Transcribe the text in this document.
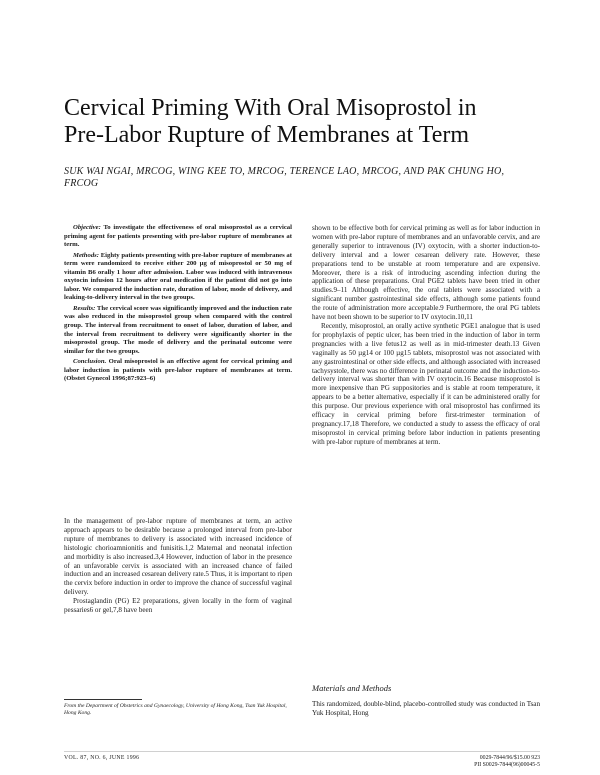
Cervical Priming With Oral Misoprostol in
Pre-Labor Rupture of Membranes at Term
SUK WAI NGAI, MRCOG, WING KEE TO, MRCOG, TERENCE LAO, MRCOG, AND PAK CHUNG HO, FRCOG

Objective: To investigate the effectiveness of oral misoprostol as a cervical priming agent for patients presenting with pre-labor rupture of membranes at term.

Methods: Eighty patients presenting with pre-labor rupture of membranes at term were randomized to receive either 200 µg of misoprostol or 50 mg of vitamin B6 orally 1 hour after admission. Labor was induced with intravenous oxytocin infusion 12 hours after oral medication if the patient did not go into labor. We compared the induction rate, duration of labor, mode of delivery, and leaking-to-delivery interval in the two groups.

Results: The cervical score was significantly improved and the induction rate was also reduced in the misoprostol group when compared with the control group. The interval from recruitment to onset of labor, duration of labor, and the interval from recruitment to delivery were significantly shorter in the misoprostol group. The mode of delivery and the perinatal outcome were similar for the two groups.

Conclusion. Oral misoprostol is an effective agent for cervical priming and labor induction in patients with pre-labor rupture of membranes at term. (Obstet Gynecol 1996;87:923–6)

In the management of pre-labor rupture of membranes at term, an active approach appears to be desirable because a prolonged interval from pre-labor rupture of membranes to delivery is associated with increased incidence of histologic chorioamnionitis and funisitis.1,2 Maternal and neonatal infection and morbidity is also increased.3,4 However, induction of labor in the presence of an unfavorable cervix is associated with an increased chance of failed induction and an increased cesarean delivery rate.5 Thus, it is important to ripen the cervix before induction in order to improve the chance of successful vaginal delivery.

Prostaglandin (PG) E2 preparations, given locally in the form of vaginal pessaries6 or gel,7,8 have been

From the Department of Obstetrics and Gynaecology, University of Hong Kong, Tsan Yuk Hospital, Hong Kong.

shown to be effective both for cervical priming as well as for labor induction in women with pre-labor rupture of membranes and an unfavorable cervix, and are generally superior to intravenous (IV) oxytocin, with a shorter induction-to-delivery interval and a lower cesarean delivery rate. However, these preparations tend to be unstable at room temperature and are expensive. Moreover, there is a risk of introducing ascending infection during the application of these preparations. Oral PGE2 tablets have been tried in other studies.9–11 Although effective, the oral tablets were associated with a significant number gastrointestinal side effects, although some patients found the route of administration more acceptable.9 Furthermore, the oral PG tablets have not been shown to be superior to IV oxytocin.10,11

Recently, misoprostol, an orally active synthetic PGE1 analogue that is used for prophylaxis of peptic ulcer, has been tried in the induction of labor in term pregnancies with a live fetus12 as well as in mid-trimester death.13 Given vaginally as 50 µg14 or 100 µg15 tablets, misoprostol was not associated with any gastrointestinal or other side effects, and although associated with increased tachysystole, there was no difference in perinatal outcome and the induction-to-delivery interval was shorter than with IV oxytocin.16 Because misoprostol is more inexpensive than PG suppositories and is stable at room temperature, it appears to be a better alternative, especially if it can be administered orally for this purpose. Our previous experience with oral misoprostol has confirmed its efficacy in cervical priming before first-trimester termination of pregnancy.17,18 Therefore, we conducted a study to assess the efficacy of oral misoprostol in cervical priming before labor induction in patients presenting with pre-labor rupture of membranes at term.

Materials and Methods

This randomized, double-blind, placebo-controlled study was conducted in Tsan Yuk Hospital, Hong

VOL. 87, NO. 6, JUNE 1996	0029-7844/96/$15.00 923
PII S0029-7844(96)00045-5
